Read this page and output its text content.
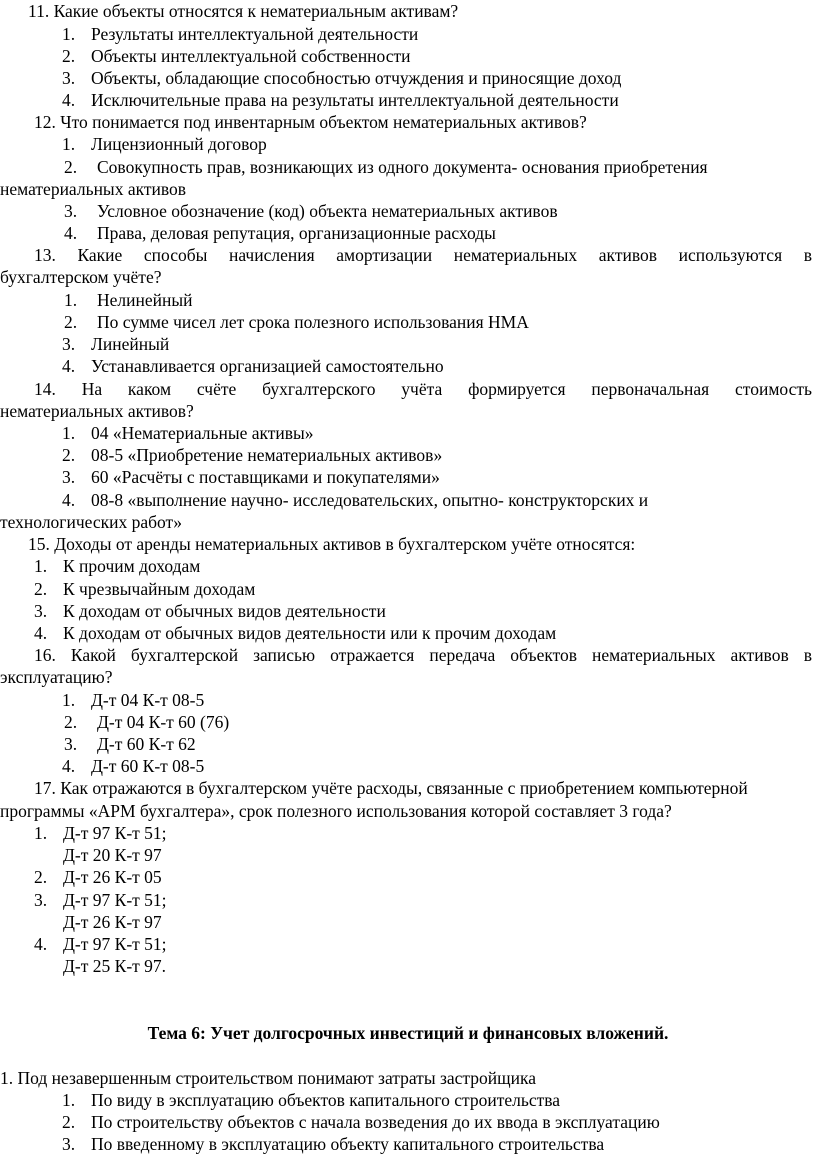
11. Какие объекты относятся к нематериальным активам?
1. Результаты интеллектуальной деятельности
2. Объекты интеллектуальной собственности
3. Объекты, обладающие способностью отчуждения и приносящие доход
4. Исключительные права на результаты интеллектуальной деятельности
12. Что понимается под инвентарным объектом нематериальных активов?
1. Лицензионный договор
2. Совокупность прав, возникающих из одного документа- основания приобретения
нематериальных активов
3. Условное обозначение (код) объекта нематериальных активов
4. Права, деловая репутация, организационные расходы
13. Какие способы начисления амортизации нематериальных активов используются в
бухгалтерском учёте?
1. Нелинейный
2. По сумме чисел лет срока полезного использования НМА
3. Линейный
4. Устанавливается организацией самостоятельно
14. На каком счёте бухгалтерского учёта формируется первоначальная стоимость
нематериальных активов?
1. 04 «Нематериальные активы»
2. 08-5 «Приобретение нематериальных активов»
3. 60 «Расчёты с поставщиками и покупателями»
4. 08-8 «выполнение научно- исследовательских, опытно- конструкторских и
технологических работ»
15. Доходы от аренды нематериальных активов в бухгалтерском учёте относятся:
1. К прочим доходам
2. К чрезвычайным доходам
3. К доходам от обычных видов деятельности
4. К доходам от обычных видов деятельности или к прочим доходам
16. Какой бухгалтерской записью отражается передача объектов нематериальных активов в
эксплуатацию?
1. Д-т 04 К-т 08-5
2. Д-т 04 К-т 60 (76)
3. Д-т 60 К-т 62
4. Д-т 60 К-т 08-5
17. Как отражаются в бухгалтерском учёте расходы, связанные с приобретением компьютерной
программы «АРМ бухгалтера», срок полезного использования которой составляет 3 года?
1. Д-т 97 К-т 51;
Д-т 20 К-т 97
2. Д-т 26 К-т 05
3. Д-т 97 К-т 51;
Д-т 26 К-т 97
4. Д-т 97 К-т 51;
Д-т 25 К-т 97.
Тема 6: Учет долгосрочных инвестиций и финансовых вложений.
1. Под незавершенным строительством понимают затраты застройщика
1. По виду в эксплуатацию объектов капитального строительства
2. По строительству объектов с начала возведения до их ввода в эксплуатацию
3. По введенному в эксплуатацию объекту капитального строительства
